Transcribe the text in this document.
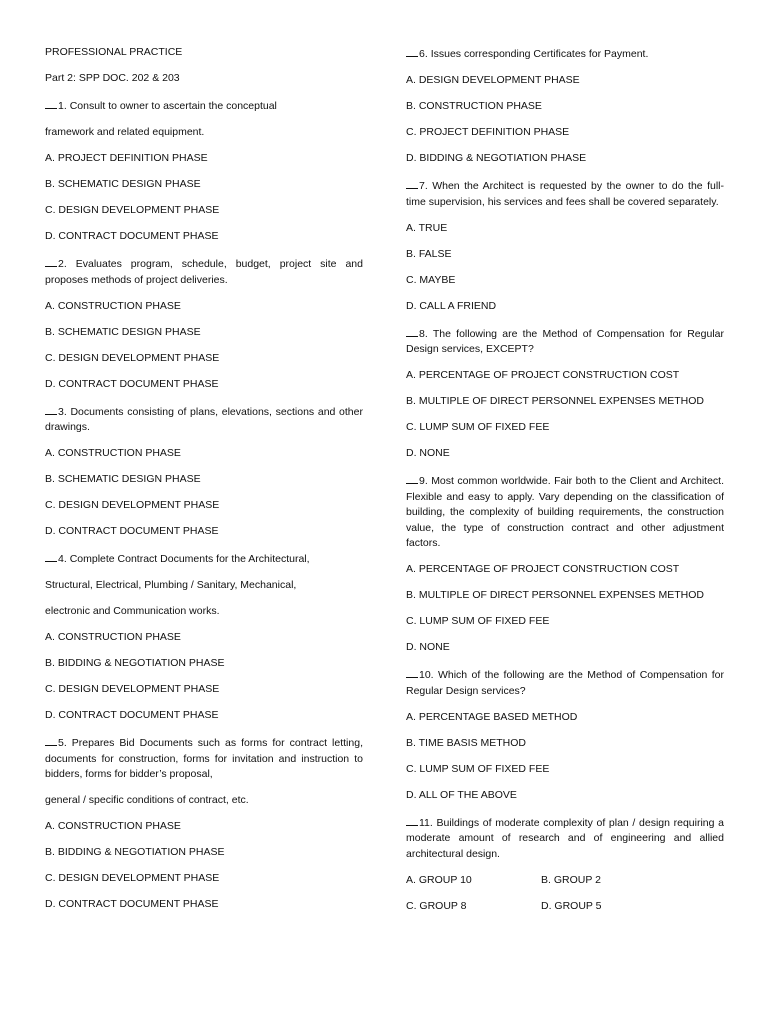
PROFESSIONAL PRACTICE

Part 2: SPP DOC. 202 & 203

1. Consult to owner to ascertain the conceptual

framework and related equipment.

A. PROJECT DEFINITION PHASE

B. SCHEMATIC DESIGN PHASE

C. DESIGN DEVELOPMENT PHASE

D. CONTRACT DOCUMENT PHASE

2. Evaluates program, schedule, budget, project site and proposes methods of project deliveries.

A. CONSTRUCTION PHASE

B. SCHEMATIC DESIGN PHASE

C. DESIGN DEVELOPMENT PHASE

D. CONTRACT DOCUMENT PHASE

3. Documents consisting of plans, elevations, sections and other drawings.

A. CONSTRUCTION PHASE

B. SCHEMATIC DESIGN PHASE

C. DESIGN DEVELOPMENT PHASE

D. CONTRACT DOCUMENT PHASE

4. Complete Contract Documents for the Architectural,

Structural, Electrical, Plumbing / Sanitary, Mechanical,

electronic and Communication works.

A. CONSTRUCTION PHASE

B. BIDDING & NEGOTIATION PHASE

C. DESIGN DEVELOPMENT PHASE

D. CONTRACT DOCUMENT PHASE

5. Prepares Bid Documents such as forms for contract letting, documents for construction, forms for invitation and instruction to bidders, forms for bidder’s proposal,

general / specific conditions of contract, etc.

A. CONSTRUCTION PHASE

B. BIDDING & NEGOTIATION PHASE

C. DESIGN DEVELOPMENT PHASE

D. CONTRACT DOCUMENT PHASE

6. Issues corresponding Certificates for Payment.

A. DESIGN DEVELOPMENT PHASE

B. CONSTRUCTION PHASE

C. PROJECT DEFINITION PHASE

D. BIDDING & NEGOTIATION PHASE

7. When the Architect is requested by the owner to do the full-time supervision, his services and fees shall be covered separately.

A. TRUE

B. FALSE

C. MAYBE

D. CALL A FRIEND

8. The following are the Method of Compensation for Regular Design services, EXCEPT?

A. PERCENTAGE OF PROJECT CONSTRUCTION COST

B. MULTIPLE OF DIRECT PERSONNEL EXPENSES METHOD

C. LUMP SUM OF FIXED FEE

D. NONE

9. Most common worldwide. Fair both to the Client and Architect. Flexible and easy to apply. Vary depending on the classification of building, the complexity of building requirements, the construction value, the type of construction contract and other adjustment factors.

A. PERCENTAGE OF PROJECT CONSTRUCTION COST

B. MULTIPLE OF DIRECT PERSONNEL EXPENSES METHOD

C. LUMP SUM OF FIXED FEE

D. NONE

10. Which of the following are the Method of Compensation for Regular Design services?

A. PERCENTAGE BASED METHOD

B. TIME BASIS METHOD

C. LUMP SUM OF FIXED FEE

D. ALL OF THE ABOVE

11. Buildings of moderate complexity of plan / design requiring a moderate amount of research and of engineering and allied architectural design.

A. GROUP 10	B. GROUP 2
C. GROUP 8	D. GROUP 5
